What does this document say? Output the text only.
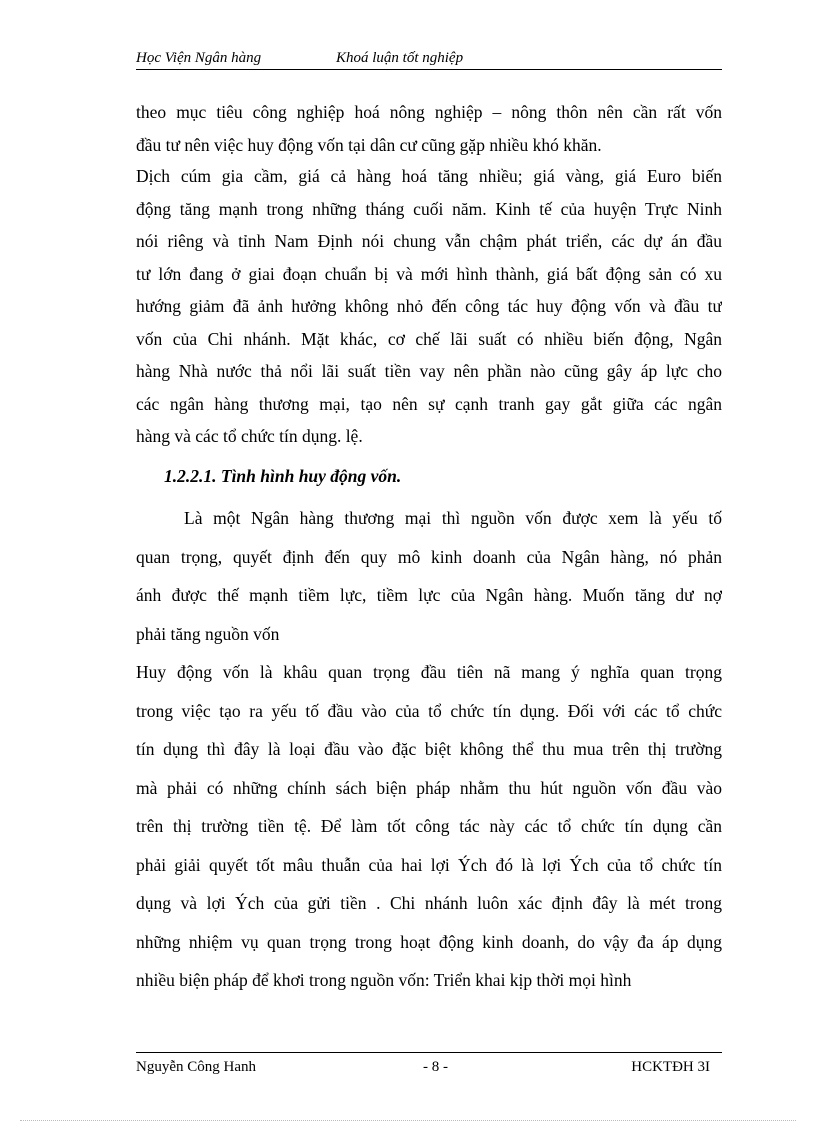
Học Viện Ngân hàng	Khoá luận tốt nghiệp
theo mục tiêu công nghiệp hoá nông nghiệp – nông thôn nên cần rất vốn
đầu tư nên việc huy động vốn tại dân cư cũng gặp nhiều khó khăn.
Dịch cúm gia cầm, giá cả hàng hoá tăng nhiều; giá vàng, giá Euro biến
động tăng mạnh trong những tháng cuối năm. Kinh tế của huyện Trực Ninh
nói riêng và tỉnh Nam Định nói chung vẫn chậm phát triển, các dự án đầu
tư lớn đang ở giai đoạn chuẩn bị và mới hình thành, giá bất động sản có xu
hướng giảm đã ảnh hưởng không nhỏ đến công tác huy động vốn và đầu tư
vốn của Chi nhánh. Mặt khác, cơ chế lãi suất có nhiều biến động, Ngân
hàng Nhà nước thả nổi lãi suất tiền vay nên phần nào cũng gây áp lực cho
các ngân hàng thương mại, tạo nên sự cạnh tranh gay gắt giữa các ngân
hàng và các tổ chức tín dụng. lệ.
1.2.2.1. Tình hình huy động vốn.
Là một Ngân hàng thương mại thì nguồn vốn được xem là yếu tố
quan trọng, quyết định đến quy mô kinh doanh của Ngân hàng, nó phản
ánh được thế mạnh tiềm lực, tiềm lực của Ngân hàng. Muốn tăng dư nợ
phải tăng nguồn vốn
Huy động vốn là khâu quan trọng đầu tiên nã mang ý nghĩa quan trọng
trong việc tạo ra yếu tố đầu vào của tổ chức tín dụng. Đối với các tổ chức
tín dụng thì đây là loại đầu vào đặc biệt không thể thu mua trên thị trường
mà phải có những chính sách biện pháp nhằm thu hút nguồn vốn đầu vào
trên thị trường tiền tệ. Để làm tốt công tác này các tổ chức tín dụng cần
phải giải quyết tốt mâu thuẫn của hai lợi Ých đó là lợi Ých của tổ chức tín
dụng và lợi Ých của gửi tiền . Chi nhánh luôn xác định đây là mét trong
những nhiệm vụ quan trọng trong hoạt động kinh doanh, do vậy đa áp dụng
nhiều biện pháp để khơi trong nguồn vốn: Triển khai kịp thời mọi hình
Nguyễn Công Hanh	- 8 -	HCKTĐH 3I
